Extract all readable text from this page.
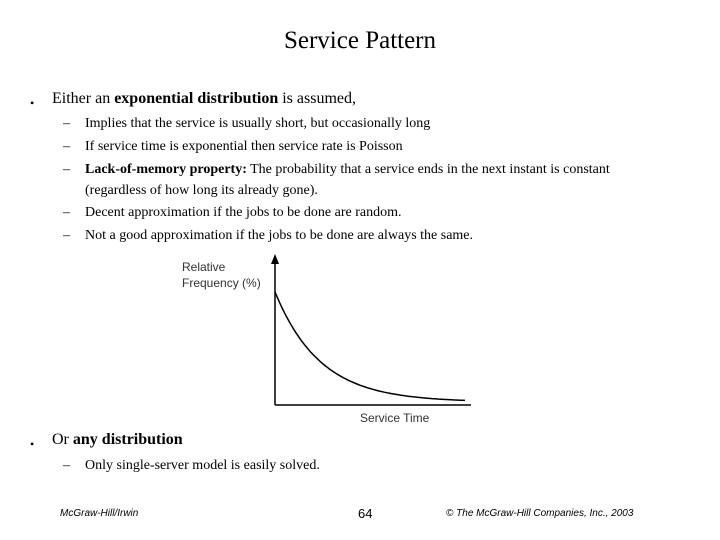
Service Pattern
• Either an exponential distribution is assumed,
– Implies that the service is usually short, but occasionally long
– If service time is exponential then service rate is Poisson
– Lack-of-memory property: The probability that a service ends in the next instant is constant (regardless of how long its already gone).
– Decent approximation if the jobs to be done are random.
– Not a good approximation if the jobs to be done are always the same.
Relative
Frequency (%)
Service Time
• Or any distribution
– Only single-server model is easily solved.
McGraw-Hill/Irwin	64	© The McGraw-Hill Companies, Inc., 2003
